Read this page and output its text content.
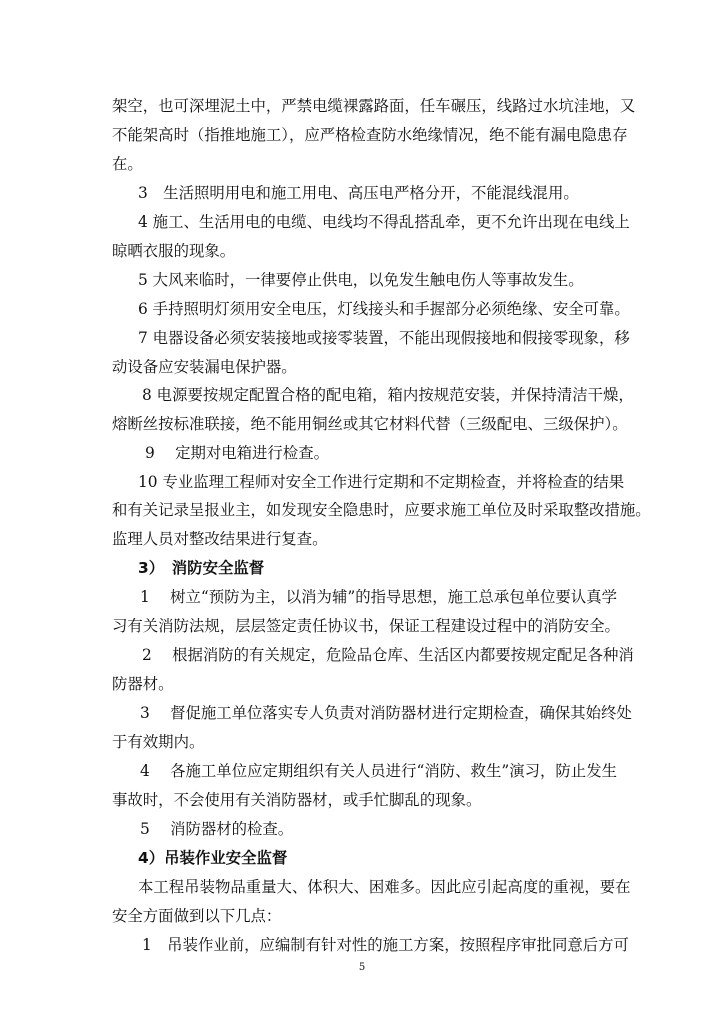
架空，也可深埋泥土中，严禁电缆裸露路面，任车碾压，线路过水坑洼地，又
不能架高时（指推地施工），应严格检查防水绝缘情况，绝不能有漏电隐患存
在。
3　生活照明用电和施工用电、高压电严格分开，不能混线混用。
4 施工、生活用电的电缆、电线均不得乱搭乱牵，更不允许出现在电线上
晾晒衣服的现象。
5 大风来临时，一律要停止供电，以免发生触电伤人等事故发生。
6 手持照明灯须用安全电压，灯线接头和手握部分必须绝缘、安全可靠。
7 电器设备必须安装接地或接零装置，不能出现假接地和假接零现象，移
动设备应安装漏电保护器。
8 电源要按规定配置合格的配电箱，箱内按规范安装，并保持清洁干燥，
熔断丝按标准联接，绝不能用铜丝或其它材料代替（三级配电、三级保护）。
9　 定期对电箱进行检查。
10 专业监理工程师对安全工作进行定期和不定期检查，并将检查的结果
和有关记录呈报业主，如发现安全隐患时，应要求施工单位及时采取整改措施。
监理人员对整改结果进行复查。
3）　消防安全监督
1　 树立“预防为主，以消为辅”的指导思想，施工总承包单位要认真学
习有关消防法规，层层签定责任协议书，保证工程建设过程中的消防安全。
2　 根据消防的有关规定，危险品仓库、生活区内都要按规定配足各种消
防器材。
3　 督促施工单位落实专人负责对消防器材进行定期检查，确保其始终处
于有效期内。
4　 各施工单位应定期组织有关人员进行“消防、救生”演习，防止发生
事故时，不会使用有关消防器材，或手忙脚乱的现象。
5　 消防器材的检查。
4）吊装作业安全监督
本工程吊装物品重量大、体积大、困难多。因此应引起高度的重视，要在
安全方面做到以下几点：
1　吊装作业前，应编制有针对性的施工方案，按照程序审批同意后方可
5
